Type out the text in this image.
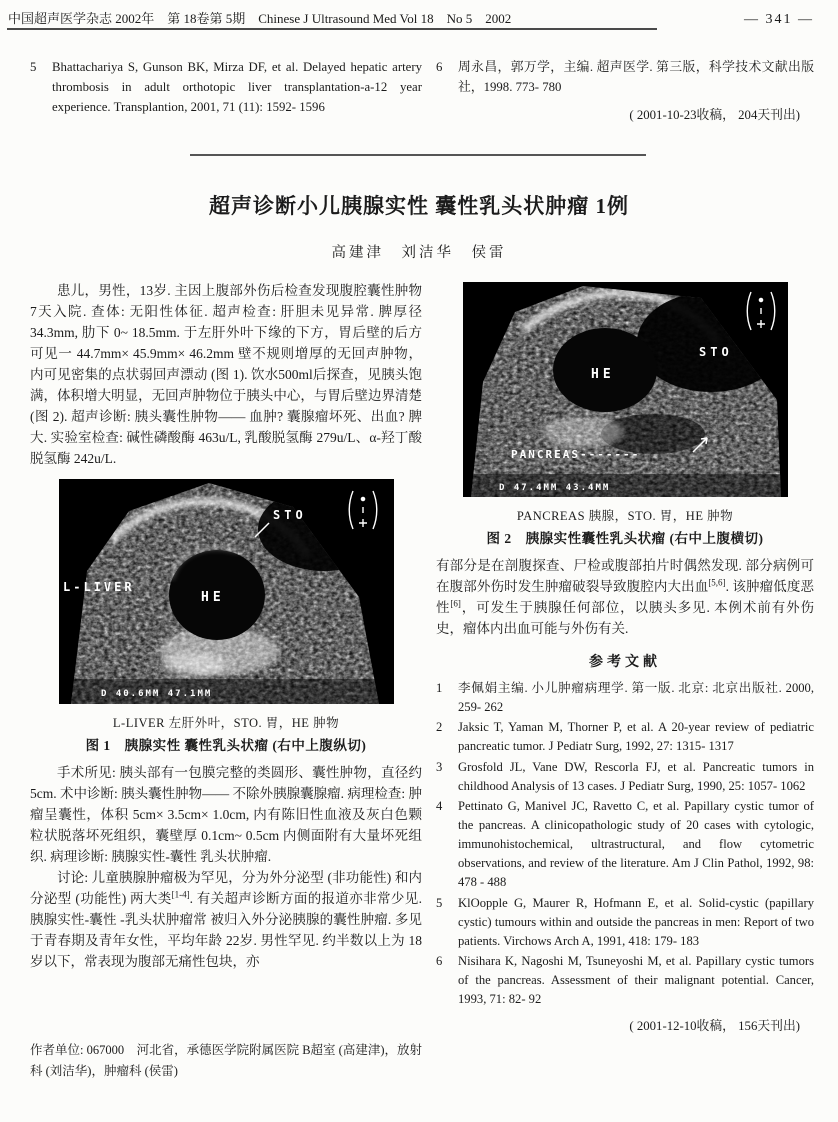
中国超声医学杂志 2002年　第 18卷第 5期　Chinese J Ultrasound Med Vol 18　No 5　2002	— 341 —
5	Bhattachariya S, Gunson BK, Mirza DF, et al. Delayed hepatic artery thrombosis in adult orthotopic liver transplantation-a-12 year experience. Transplantion, 2001, 71 (11): 1592- 1596
6	周永昌，郭万学，主编. 超声医学. 第三版，科学技术文献出版社，1998. 773- 780
( 2001-10-23收稿， 204天刊出)
超声诊断小儿胰腺实性 囊性乳头状肿瘤 1例
高建津　刘洁华　侯雷

患儿，男性，13岁. 主因上腹部外伤后检查发现腹腔囊性肿物 7天入院. 查体: 无阳性体征. 超声检查: 肝胆未见异常. 脾厚径 34.3mm, 肋下 0~ 18.5mm. 于左肝外叶下缘的下方，胃后壁的后方可见一 44.7mm× 45.9mm× 46.2mm 壁不规则增厚的无回声肿物，内可见密集的点状弱回声漂动 (图 1). 饮水500ml后探查，见胰头饱满，体积增大明显，无回声肿物位于胰头中心，与胃后壁边界清楚 (图 2). 超声诊断: 胰头囊性肿物—— 血肿? 囊腺瘤坏死、出血? 脾大. 实验室检查: 碱性磷酸酶 463u/L, 乳酸脱氢酶 279u/L、α-羟丁酸脱氢酶 242u/L.

L-LIVER
STO
HE
D 40.6MM 47.1MM
L-LIVER 左肝外叶，STO. 胃，HE 肿物
图 1　胰腺实性 囊性乳头状瘤 (右中上腹纵切)

手术所见: 胰头部有一包膜完整的类圆形、囊性肿物，直径约 5cm. 术中诊断: 胰头囊性肿物—— 不除外胰腺囊腺瘤. 病理检查: 肿瘤呈囊性，体积 5cm× 3.5cm× 1.0cm, 内有陈旧性血液及灰白色颗粒状脱落坏死组织，囊壁厚 0.1cm~ 0.5cm 内侧面附有大量坏死组织. 病理诊断: 胰腺实性-囊性 乳头状肿瘤.

讨论: 儿童胰腺肿瘤极为罕见，分为外分泌型 (非功能性) 和内分泌型 (功能性) 两大类[1-4]. 有关超声诊断方面的报道亦非常少见. 胰腺实性-囊性 -乳头状肿瘤常 被归入外分泌胰腺的囊性肿瘤. 多见于青春期及青年女性，平均年龄 22岁. 男性罕见. 约半数以上为 18岁以下，常表现为腹部无痛性包块，亦

HE
STO
PANCREAS-------
D 47.4MM 43.4MM
PANCREAS 胰腺，STO. 胃，HE 肿物
图 2　胰腺实性囊性乳头状瘤 (右中上腹横切)

有部分是在剖腹探查、尸检或腹部拍片时偶然发现. 部分病例可在腹部外伤时发生肿瘤破裂导致腹腔内大出血[5,6]. 该肿瘤低度恶性[6]，可发生于胰腺任何部位，以胰头多见. 本例术前有外伤史，瘤体内出血可能与外伤有关.

参考文献
1	李佩娟主编. 小儿肿瘤病理学. 第一版. 北京: 北京出版社. 2000, 259- 262
2	Jaksic T, Yaman M, Thorner P, et al. A 20-year review of pediatric pancreatic tumor. J Pediatr Surg, 1992, 27: 1315- 1317
3	Grosfold JL, Vane DW, Rescorla FJ, et al. Pancreatic tumors in childhood Analysis of 13 cases. J Pediatr Surg, 1990, 25: 1057- 1062
4	Pettinato G, Manivel JC, Ravetto C, et al. Papillary cystic tumor of the pancreas. A clinicopathologic study of 20 cases with cytologic, immunohistochemical, ultrastructural, and flow cytometric observations, and review of the literature. Am J Clin Pathol, 1992, 98: 478 - 488
5	KlOopple G, Maurer R, Hofmann E, et al. Solid-cystic (papillary cystic) tumours within and outside the pancreas in men: Report of two patients. Virchows Arch A, 1991, 418: 179- 183
6	Nisihara K, Nagoshi M, Tsuneyoshi M, et al. Papillary cystic tumors of the pancreas. Assessment of their malignant potential. Cancer, 1993, 71: 82- 92
( 2001-12-10收稿， 156天刊出)
作者单位: 067000　河北省，承德医学院附属医院 B超室 (高建津)，放射科 (刘洁华)，肿瘤科 (侯雷)
